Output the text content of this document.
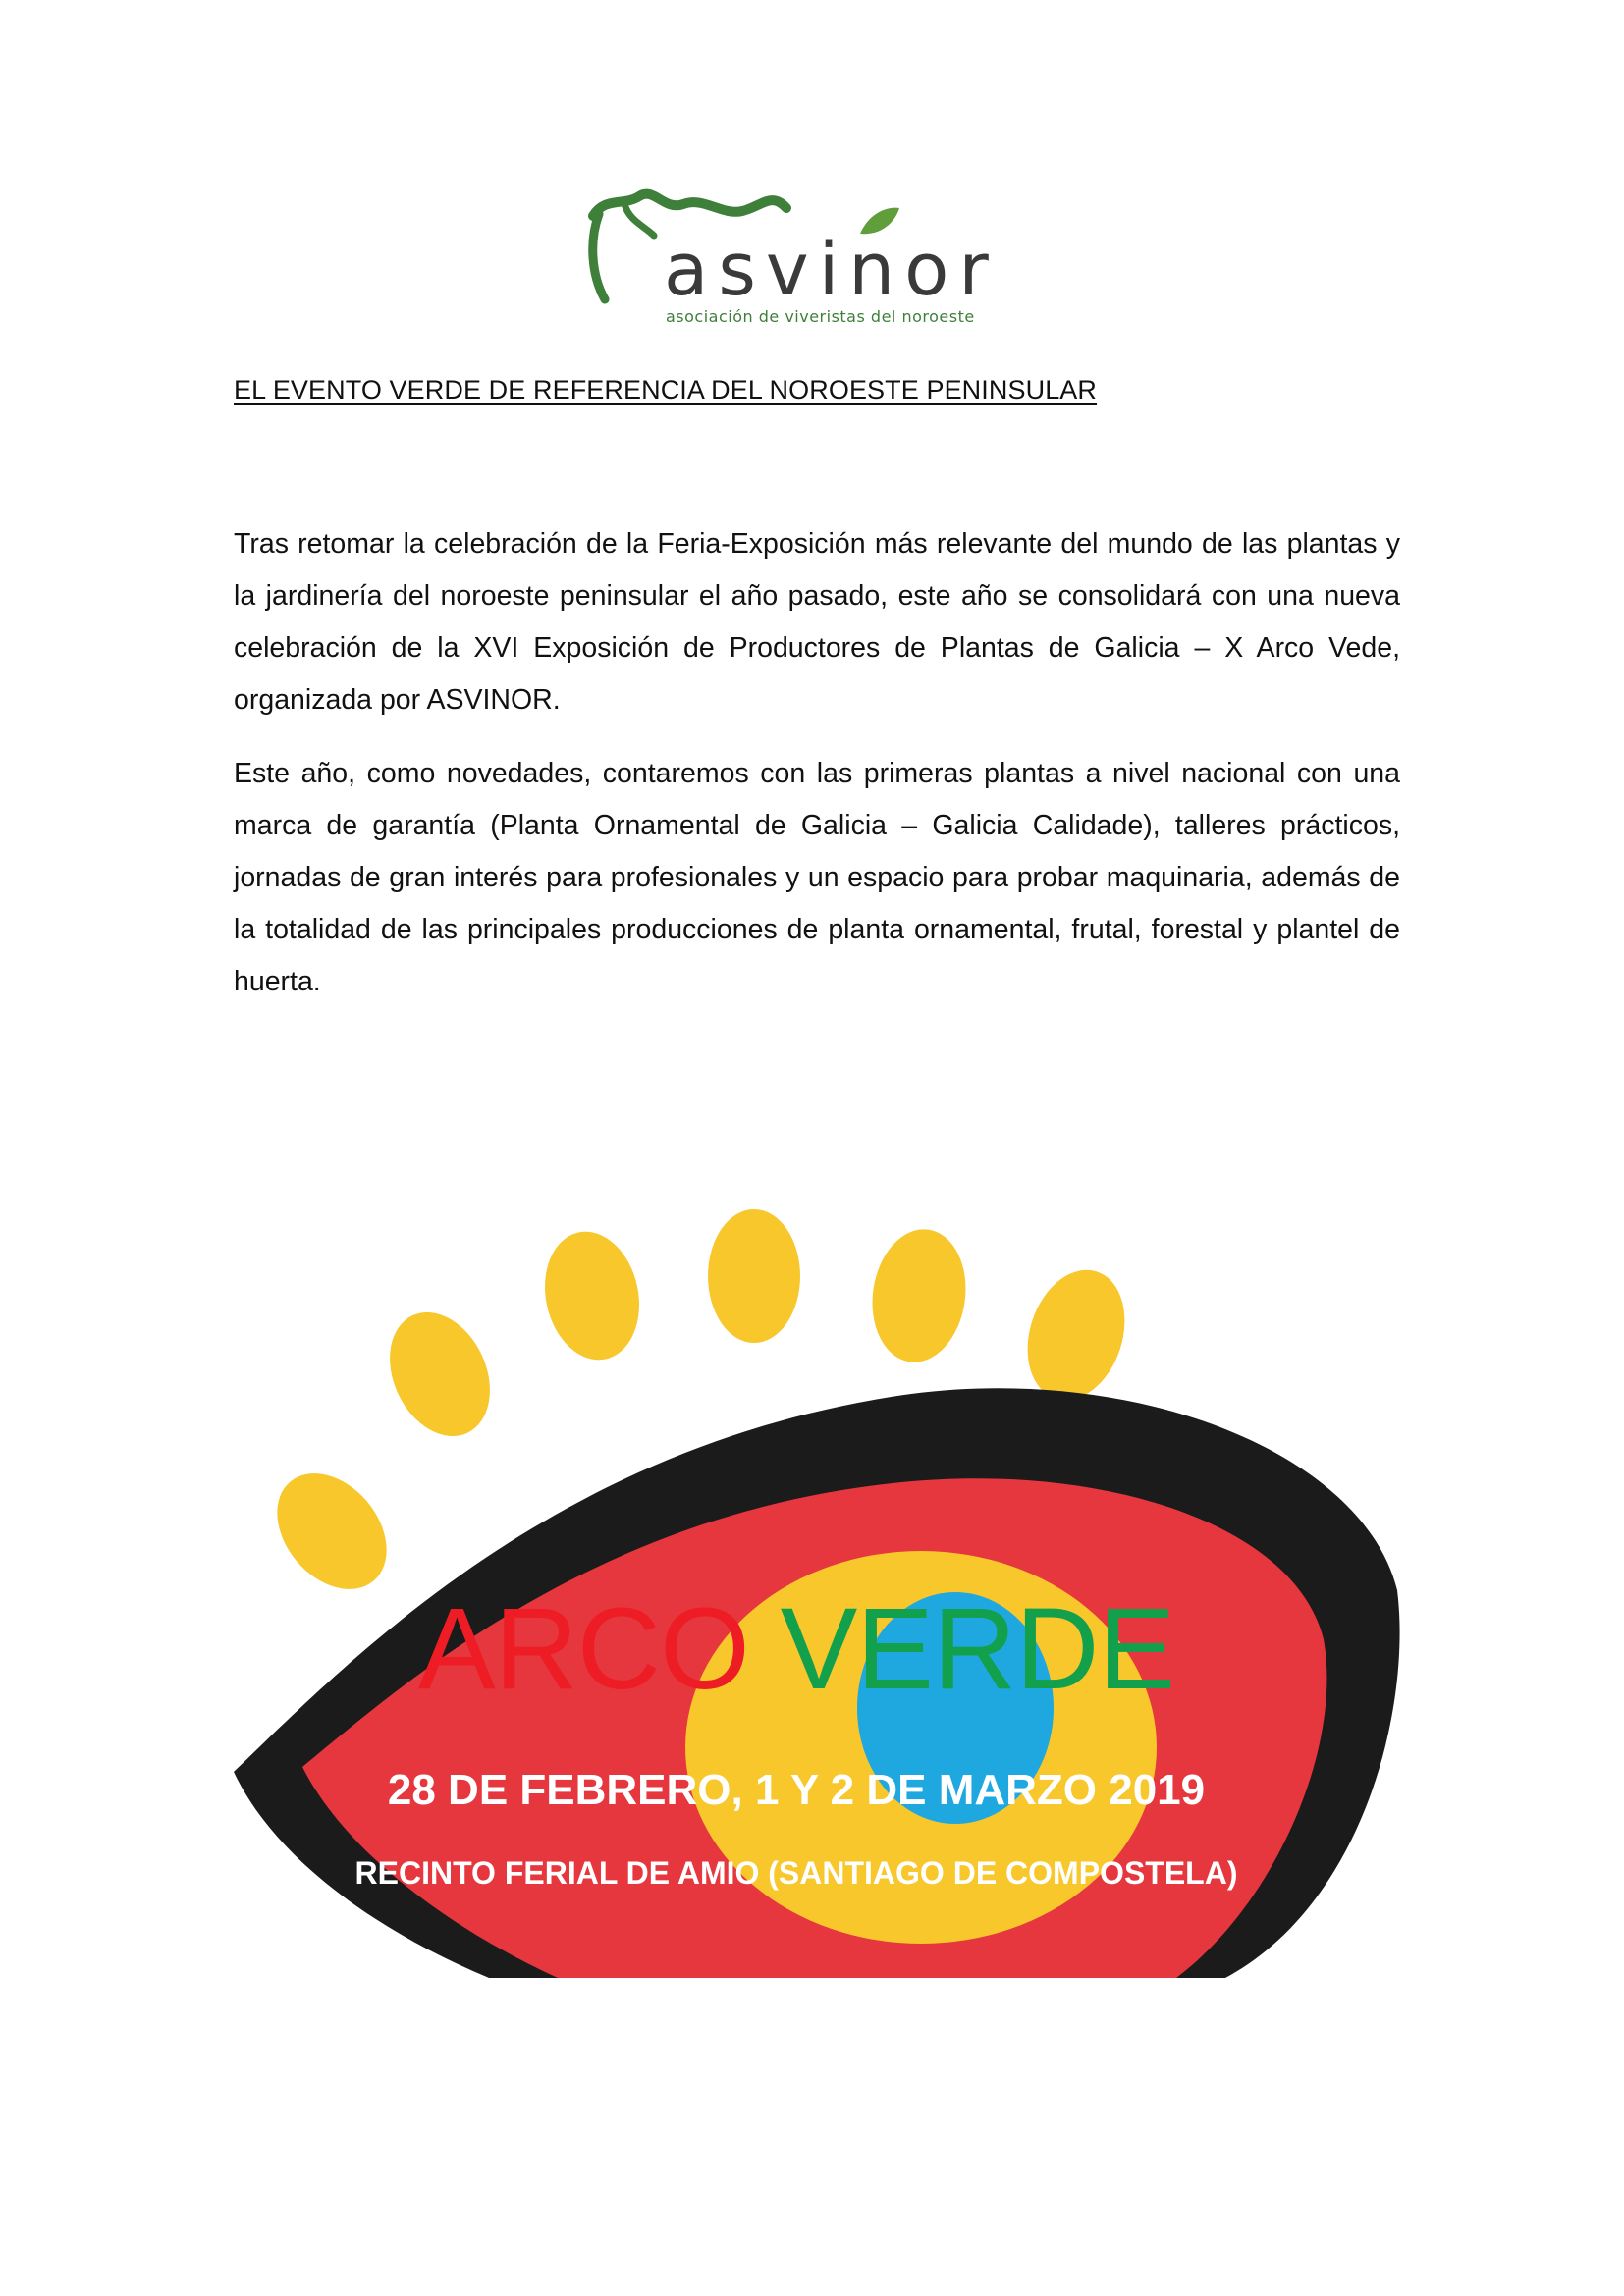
asvinor
asociación de viveristas del noroeste
EL EVENTO VERDE DE REFERENCIA DEL NOROESTE PENINSULAR

Tras retomar la celebración de la Feria-Exposición más relevante del mundo de las plantas y la jardinería del noroeste peninsular el año pasado, este año se consolidará con una nueva celebración de la XVI Exposición de Productores de Plantas de Galicia – X Arco Vede, organizada por ASVINOR.

Este año, como novedades, contaremos con las primeras plantas a nivel nacional con una marca de garantía (Planta Ornamental de Galicia – Galicia Calidade), talleres prácticos, jornadas de gran interés para profesionales y un espacio para probar maquinaria, además de la totalidad de las principales producciones de planta ornamental, frutal, forestal y plantel de huerta.

ARCO VERDE
28 DE FEBRERO, 1 Y 2 DE MARZO 2019
RECINTO FERIAL DE AMIO (SANTIAGO DE COMPOSTELA)
